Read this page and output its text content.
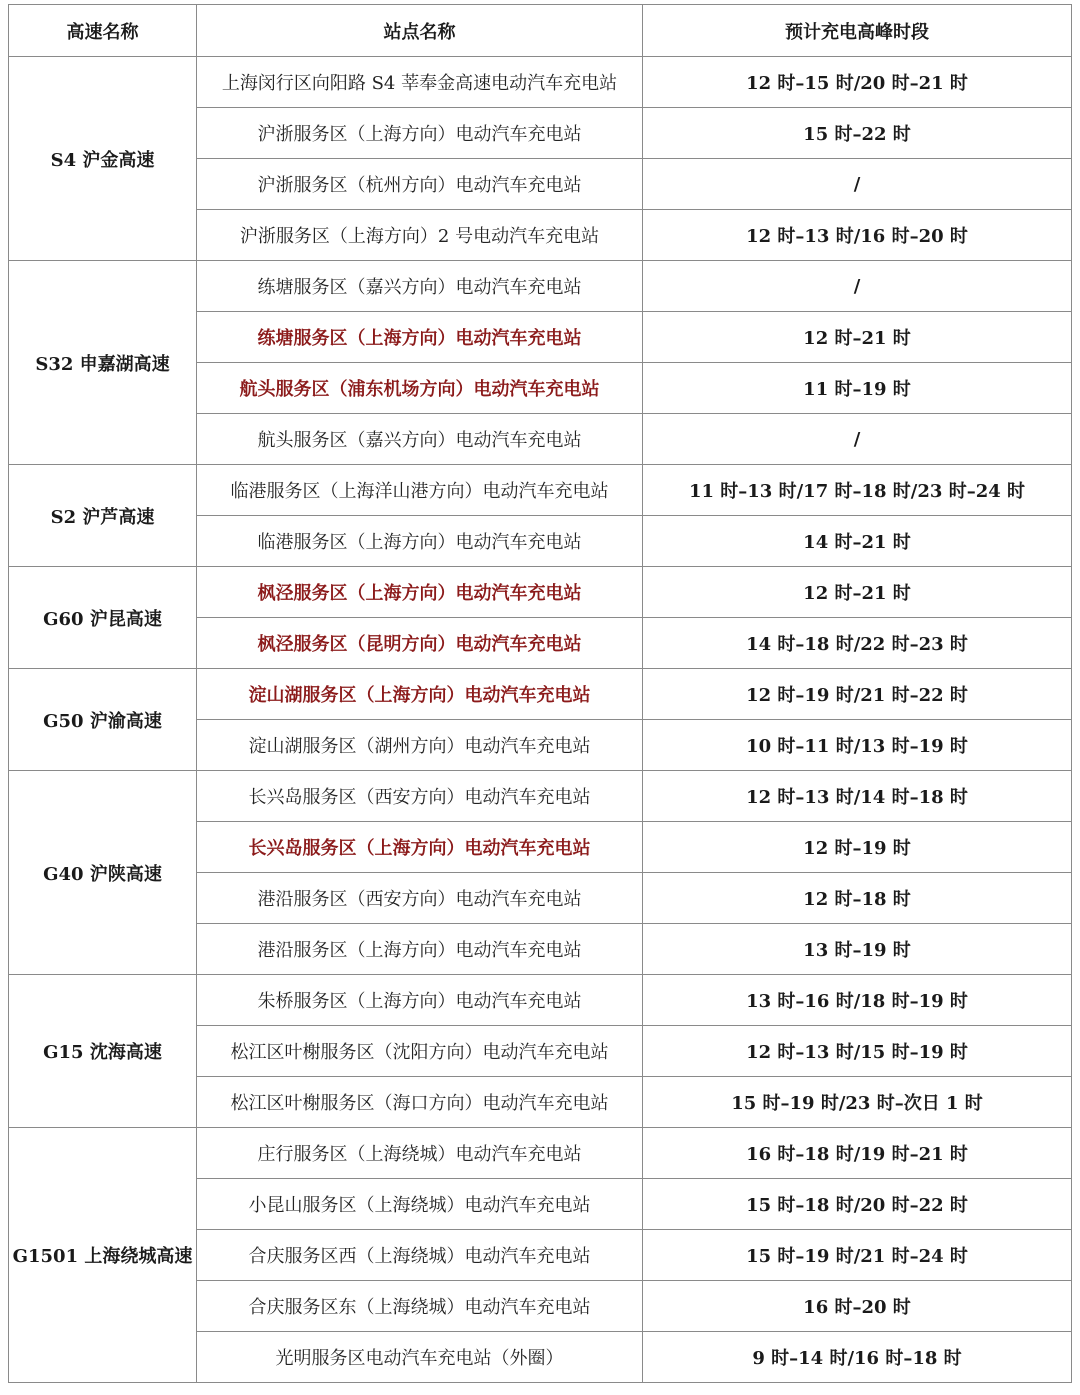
高速名称	站点名称	预计充电高峰时段
S4 沪金高速	上海闵行区向阳路 S4 莘奉金高速电动汽车充电站	12 时–15 时/20 时–21 时
	沪浙服务区（上海方向）电动汽车充电站	15 时–22 时
	沪浙服务区（杭州方向）电动汽车充电站	/
	沪浙服务区（上海方向）2 号电动汽车充电站	12 时–13 时/16 时–20 时
S32 申嘉湖高速	练塘服务区（嘉兴方向）电动汽车充电站	/
	练塘服务区（上海方向）电动汽车充电站	12 时–21 时
	航头服务区（浦东机场方向）电动汽车充电站	11 时–19 时
	航头服务区（嘉兴方向）电动汽车充电站	/
S2 沪芦高速	临港服务区（上海洋山港方向）电动汽车充电站	11 时–13 时/17 时–18 时/23 时–24 时
	临港服务区（上海方向）电动汽车充电站	14 时–21 时
G60 沪昆高速	枫泾服务区（上海方向）电动汽车充电站	12 时–21 时
	枫泾服务区（昆明方向）电动汽车充电站	14 时–18 时/22 时–23 时
G50 沪渝高速	淀山湖服务区（上海方向）电动汽车充电站	12 时–19 时/21 时–22 时
	淀山湖服务区（湖州方向）电动汽车充电站	10 时–11 时/13 时–19 时
G40 沪陕高速	长兴岛服务区（西安方向）电动汽车充电站	12 时–13 时/14 时–18 时
	长兴岛服务区（上海方向）电动汽车充电站	12 时–19 时
	港沿服务区（西安方向）电动汽车充电站	12 时–18 时
	港沿服务区（上海方向）电动汽车充电站	13 时–19 时
G15 沈海高速	朱桥服务区（上海方向）电动汽车充电站	13 时–16 时/18 时–19 时
	松江区叶榭服务区（沈阳方向）电动汽车充电站	12 时–13 时/15 时–19 时
	松江区叶榭服务区（海口方向）电动汽车充电站	15 时–19 时/23 时–次日 1 时
G1501 上海绕城高速	庄行服务区（上海绕城）电动汽车充电站	16 时–18 时/19 时–21 时
	小昆山服务区（上海绕城）电动汽车充电站	15 时–18 时/20 时–22 时
	合庆服务区西（上海绕城）电动汽车充电站	15 时–19 时/21 时–24 时
	合庆服务区东（上海绕城）电动汽车充电站	16 时–20 时
	光明服务区电动汽车充电站（外圈）	9 时–14 时/16 时–18 时
